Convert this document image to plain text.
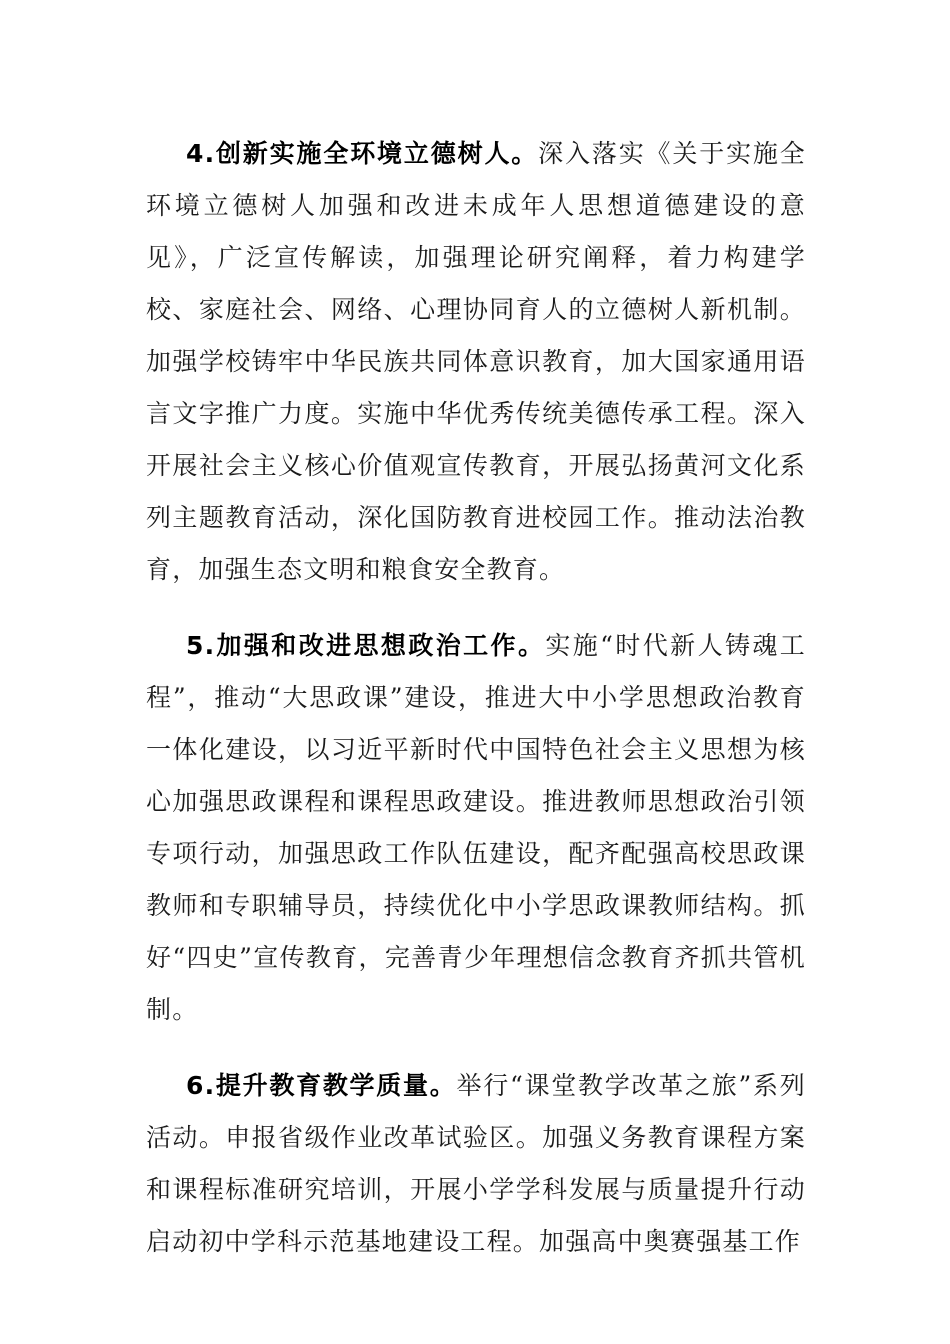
4.创新实施全环境立德树人。深入落实《关于实施全环境立德树人加强和改进未成年人思想道德建设的意见》，广泛宣传解读，加强理论研究阐释，着力构建学校、家庭社会、网络、心理协同育人的立德树人新机制。加强学校铸牢中华民族共同体意识教育，加大国家通用语言文字推广力度。实施中华优秀传统美德传承工程。深入开展社会主义核心价值观宣传教育，开展弘扬黄河文化系列主题教育活动，深化国防教育进校园工作。推动法治教育，加强生态文明和粮食安全教育。

5.加强和改进思想政治工作。实施“时代新人铸魂工程”，推动“大思政课”建设，推进大中小学思想政治教育一体化建设，以习近平新时代中国特色社会主义思想为核心加强思政课程和课程思政建设。推进教师思想政治引领专项行动，加强思政工作队伍建设，配齐配强高校思政课教师和专职辅导员，持续优化中小学思政课教师结构。抓好“四史”宣传教育，完善青少年理想信念教育齐抓共管机制。

6.提升教育教学质量。举行“课堂教学改革之旅”系列活动。申报省级作业改革试验区。加强义务教育课程方案和课程标准研究培训，开展小学学科发展与质量提升行动启动初中学科示范基地建设工程。加强高中奥赛强基工作
